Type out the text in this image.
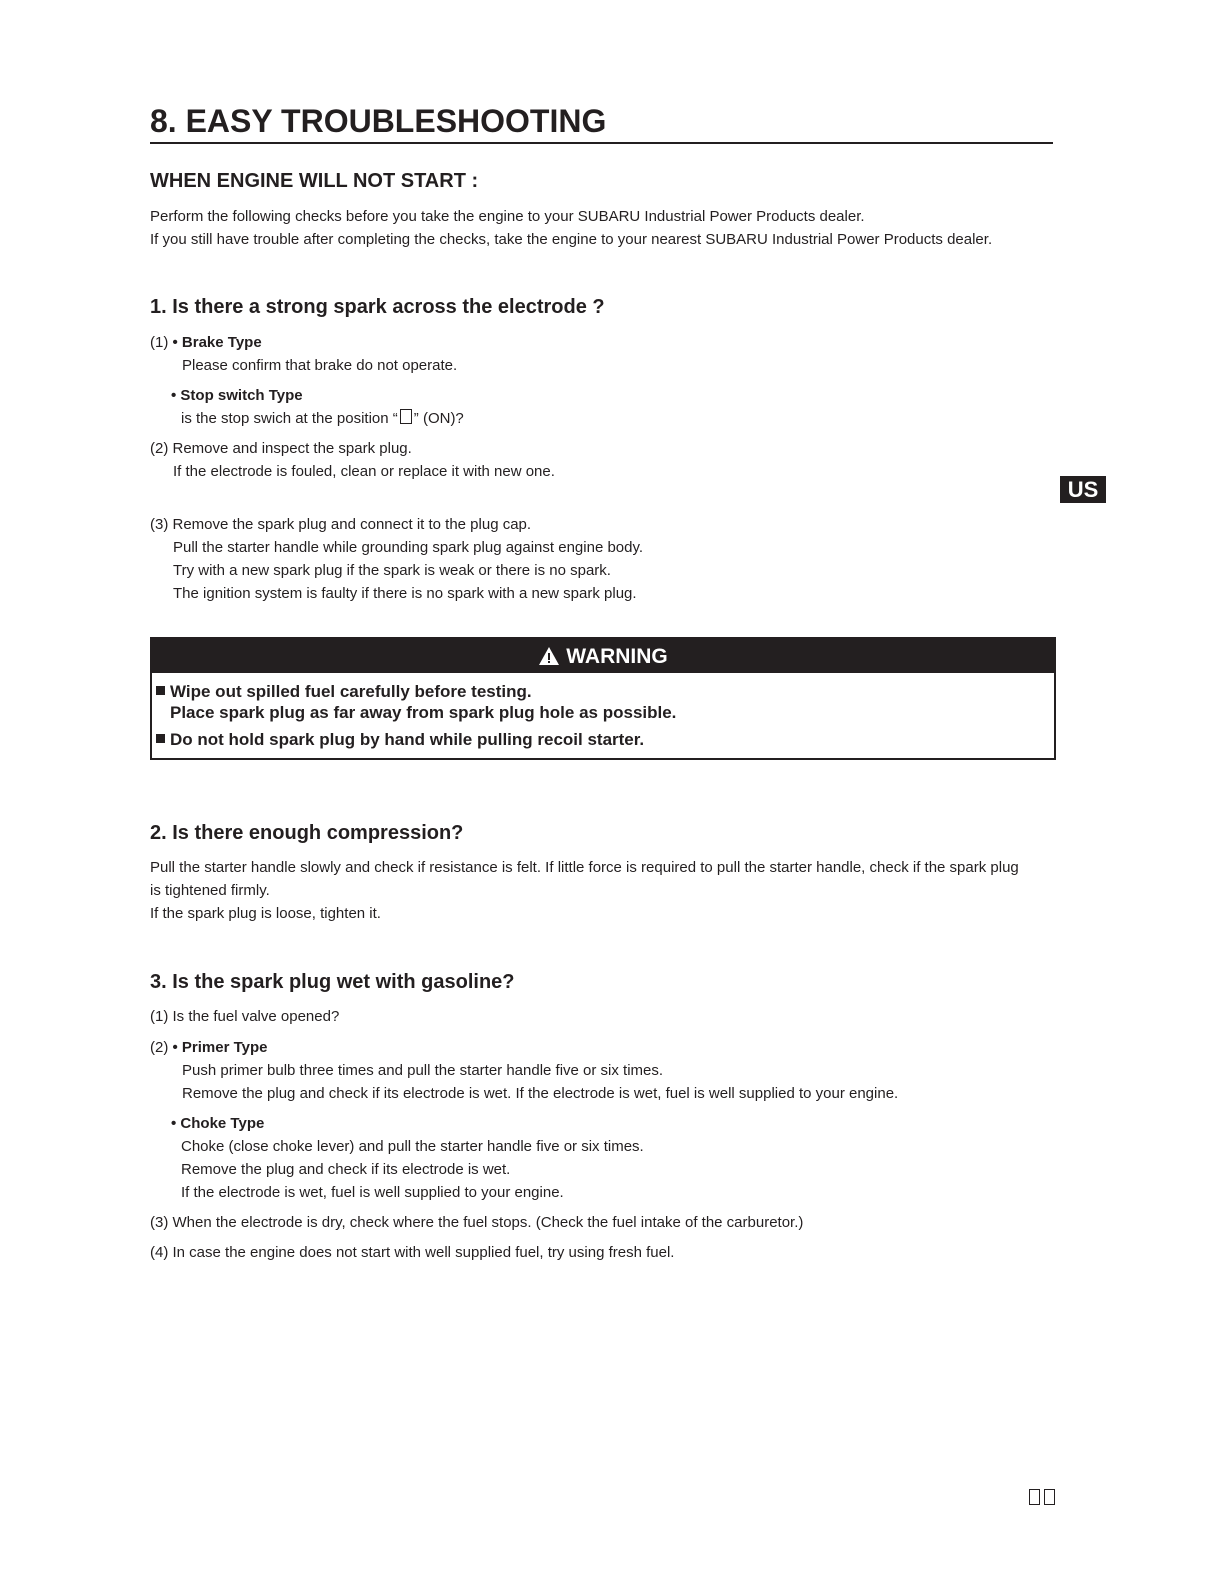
8. EASY TROUBLESHOOTING
WHEN ENGINE WILL NOT START :
Perform the following checks before you take the engine to your SUBARU Industrial Power Products dealer.
If you still have trouble after completing the checks, take the engine to your nearest SUBARU Industrial Power Products dealer.
US
1. Is there a strong spark across the electrode ?
(1) • Brake Type
Please confirm that brake do not operate.
• Stop switch Type
is the stop swich at the position “ ” (ON)?
(2) Remove and inspect the spark plug.
If the electrode is fouled, clean or replace it with new one.
(3) Remove the spark plug and connect it to the plug cap.
Pull the starter handle while grounding spark plug against engine body.
Try with a new spark plug if the spark is weak or there is no spark.
The ignition system is faulty if there is no spark with a new spark plug.
WARNING
Wipe out spilled fuel carefully before testing.
Place spark plug as far away from spark plug hole as possible.
Do not hold spark plug by hand while pulling recoil starter.
2. Is there enough compression?
Pull the starter handle slowly and check if resistance is felt. If little force is required to pull the starter handle, check if the spark plug
is tightened firmly.
If the spark plug is loose, tighten it.
3. Is the spark plug wet with gasoline?
(1) Is the fuel valve opened?
(2) • Primer Type
Push primer bulb three times and pull the starter handle five or six times.
Remove the plug and check if its electrode is wet. If the electrode is wet, fuel is well supplied to your engine.
• Choke Type
Choke (close choke lever) and pull the starter handle five or six times.
Remove the plug and check if its electrode is wet.
If the electrode is wet, fuel is well supplied to your engine.
(3) When the electrode is dry, check where the fuel stops. (Check the fuel intake of the carburetor.)
(4) In case the engine does not start with well supplied fuel, try using fresh fuel.
